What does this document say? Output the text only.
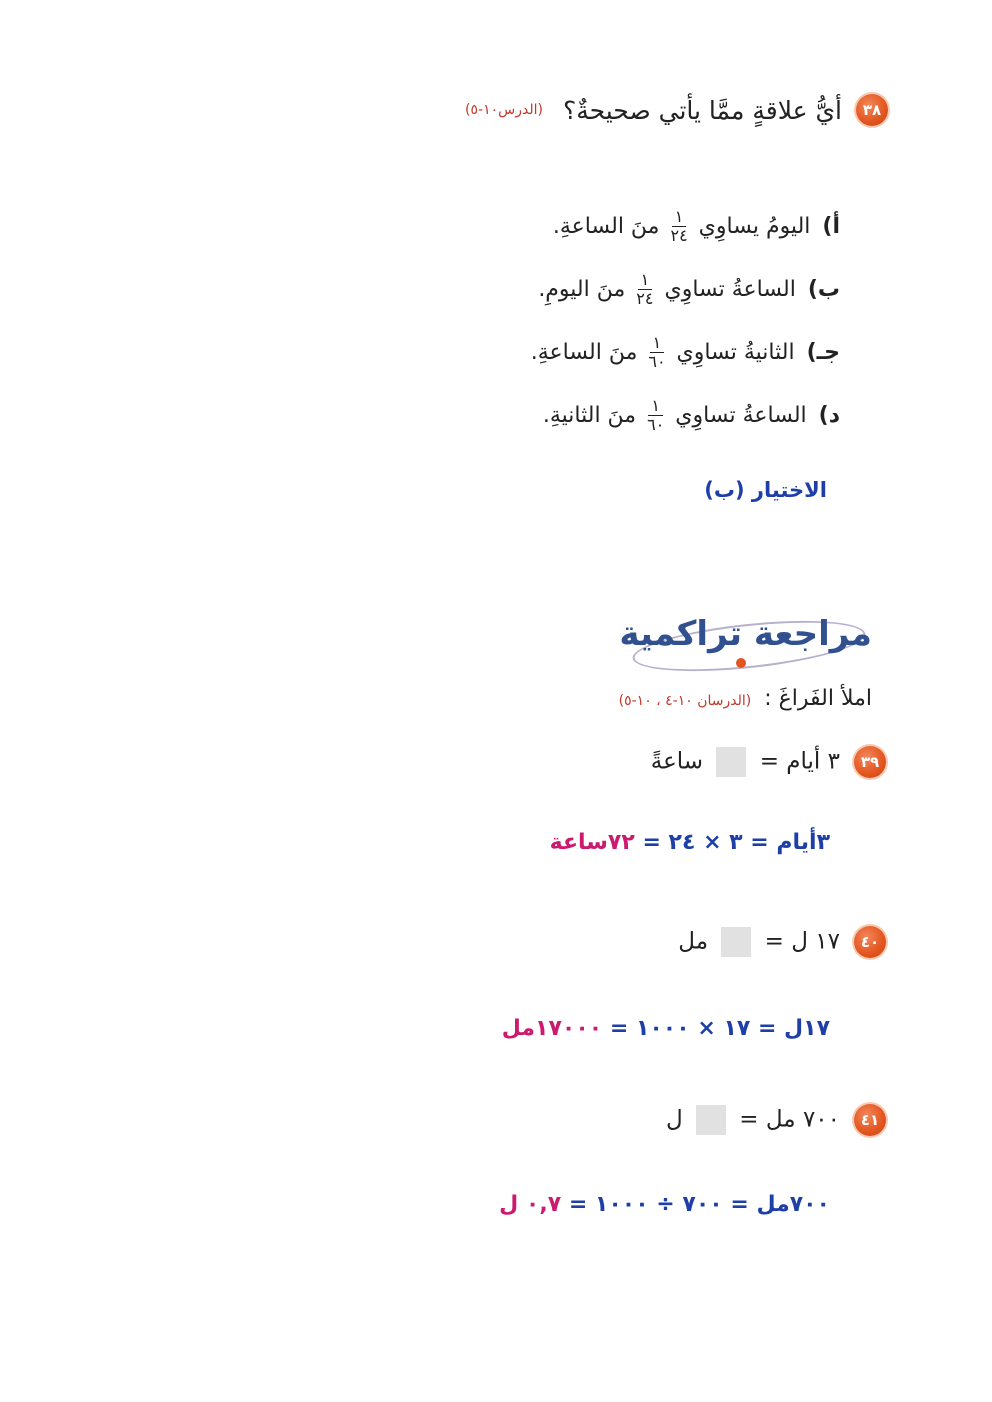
٣٨
أيُّ علاقةٍ ممَّا يأتي صحيحةٌ؟
(الدرس١٠-٥)
أ)
اليومُ يساوِي
$\frac{١}{٢٤}$
منَ الساعةِ.
ب)
الساعةُ تساوِي
$\frac{١}{٢٤}$
منَ اليومِ.
جـ)
الثانيةُ تساوِي
$\frac{١}{٦٠}$
منَ الساعةِ.
د)
الساعةُ تساوِي
$\frac{١}{٦٠}$
منَ الثانيةِ.
الاختيار (ب)
مراجعة تراكمية
املأ الفَراغَ : (الدرسان ١٠-٤ ، ١٠-٥)
٣٩
٣ أيام =  ساعةً
٣أيام = ٣ × ٢٤ = ٧٢ساعة
٤٠
١٧ ل =  مل
١٧ل = ١٧ × ١٠٠٠ = ١٧٠٠٠مل
٤١
٧٠٠ مل =  ل
٧٠٠مل = ٧٠٠ ÷ ١٠٠٠ = ٠,٧ ل
